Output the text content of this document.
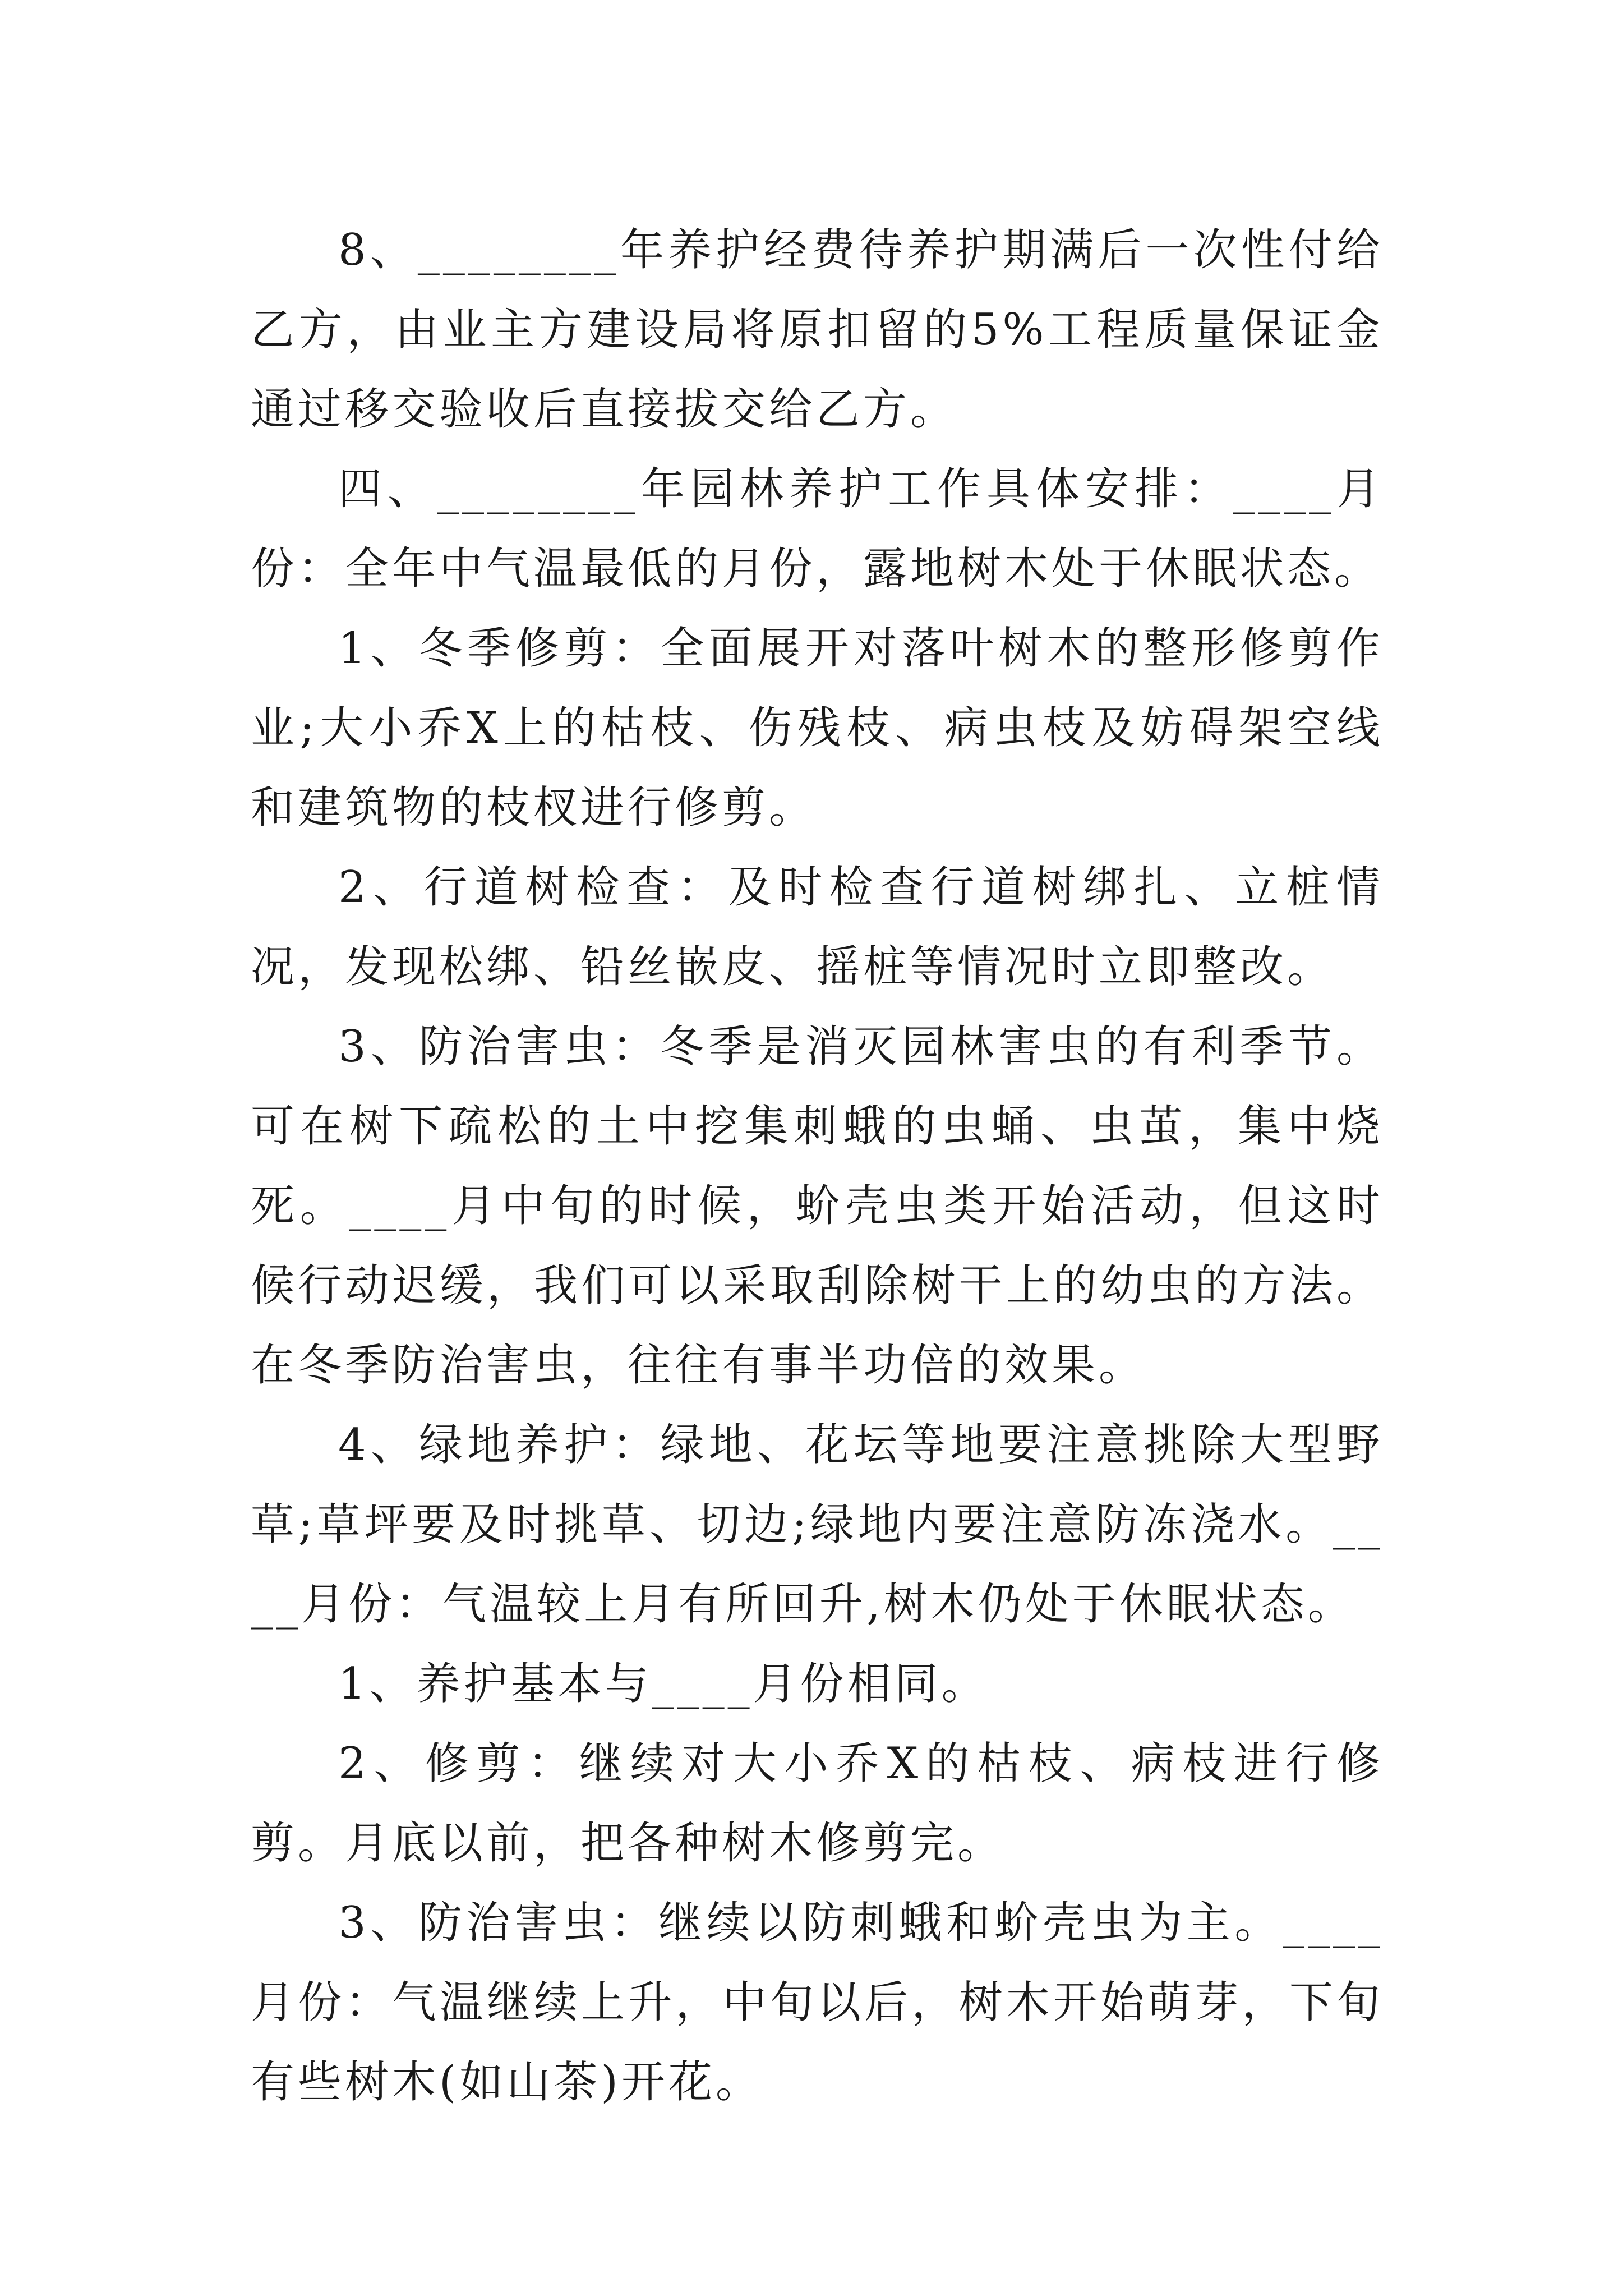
8、________年养护经费待养护期满后一次性付给乙方，由业主方建设局将原扣留的5%工程质量保证金通过移交验收后直接拔交给乙方。

四、________年园林养护工作具体安排：____月份：全年中气温最低的月份，露地树木处于休眠状态。

1、冬季修剪：全面展开对落叶树木的整形修剪作业;大小乔X上的枯枝、伤残枝、病虫枝及妨碍架空线和建筑物的枝杈进行修剪。

2、行道树检查：及时检查行道树绑扎、立桩情况，发现松绑、铅丝嵌皮、摇桩等情况时立即整改。

3、防治害虫：冬季是消灭园林害虫的有利季节。可在树下疏松的土中挖集刺蛾的虫蛹、虫茧，集中烧死。____月中旬的时候，蚧壳虫类开始活动，但这时候行动迟缓，我们可以采取刮除树干上的幼虫的方法。在冬季防治害虫，往往有事半功倍的效果。

4、绿地养护：绿地、花坛等地要注意挑除大型野草;草坪要及时挑草、切边;绿地内要注意防冻浇水。____月份：气温较上月有所回升,树木仍处于休眠状态。

1、养护基本与____月份相同。

2、修剪：继续对大小乔X的枯枝、病枝进行修剪。月底以前，把各种树木修剪完。

3、防治害虫：继续以防刺蛾和蚧壳虫为主。____月份：气温继续上升，中旬以后，树木开始萌芽，下旬有些树木(如山茶)开花。
